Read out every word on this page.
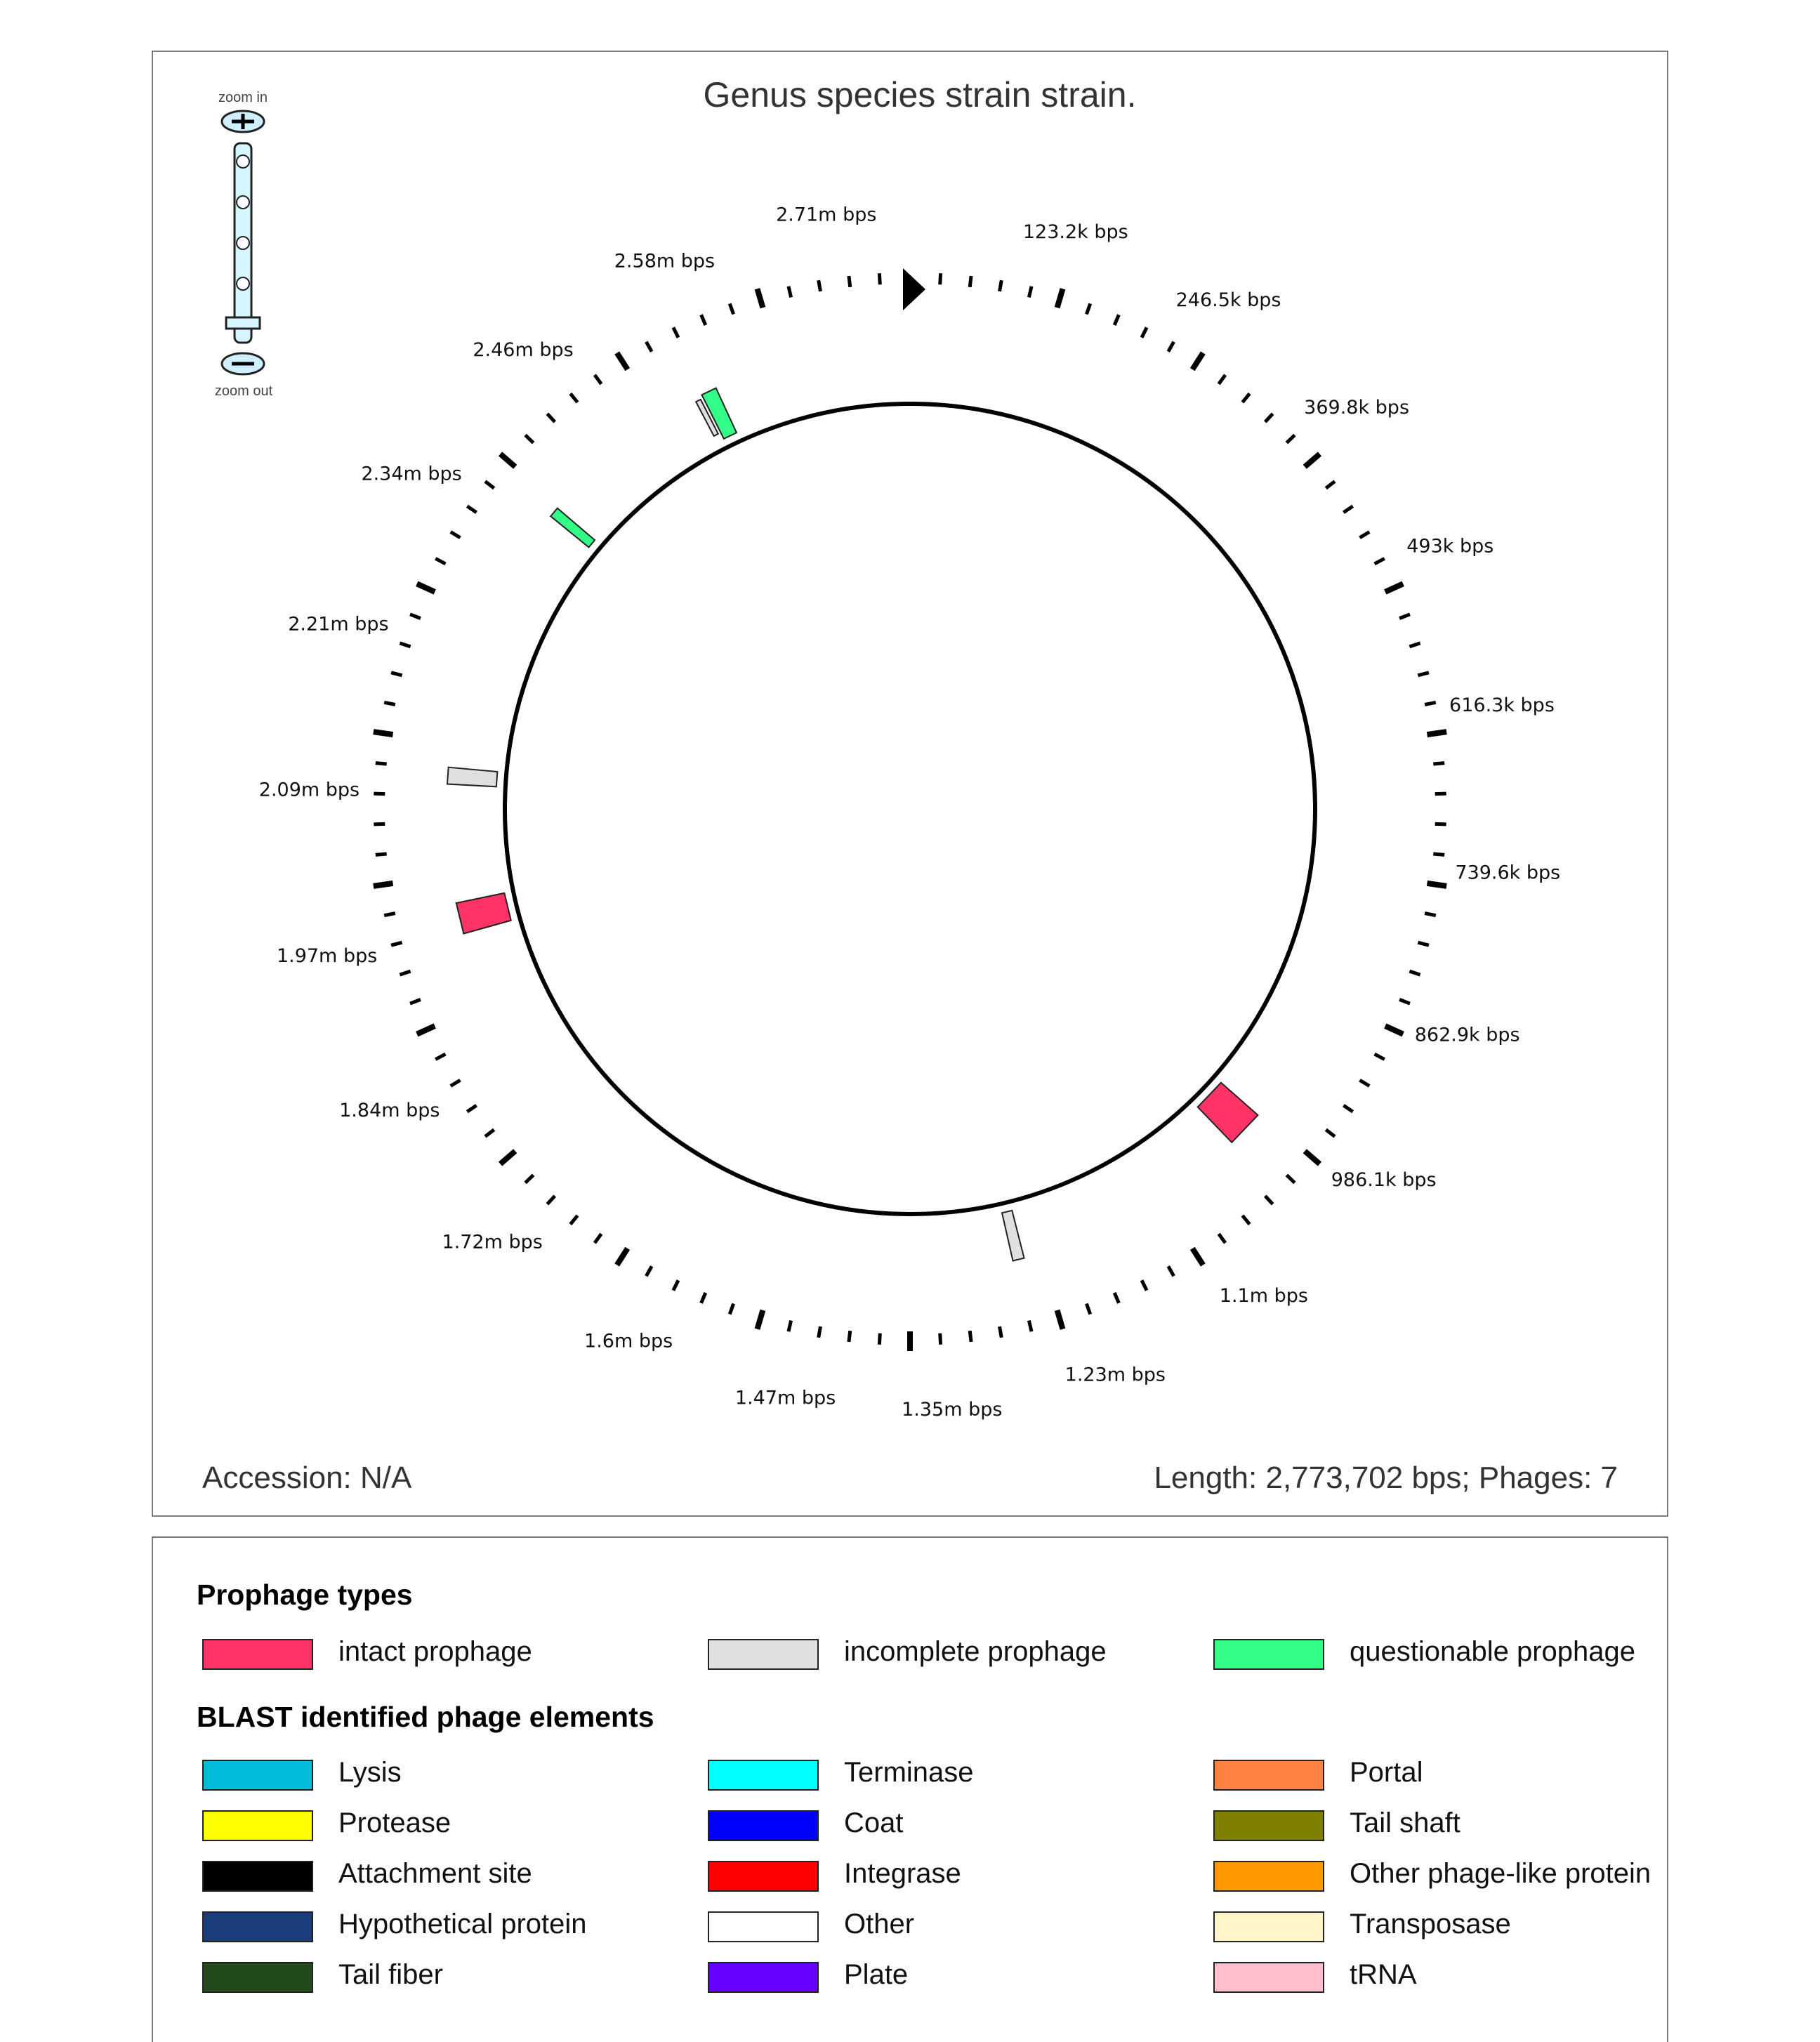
Genus species strain strain.
zoom in
zoom out
123.2k bps
246.5k bps
369.8k bps
493k bps
616.3k bps
739.6k bps
862.9k bps
986.1k bps
1.1m bps
1.23m bps
1.35m bps
1.47m bps
1.6m bps
1.72m bps
1.84m bps
1.97m bps
2.09m bps
2.21m bps
2.34m bps
2.46m bps
2.58m bps
2.71m bps
Accession: N/A	Length: 2,773,702 bps; Phages: 7
Prophage types
intact prophage	incomplete prophage	questionable prophage
BLAST identified phage elements
Lysis	Terminase	Portal
Protease	Coat	Tail shaft
Attachment site	Integrase	Other phage-like protein
Hypothetical protein	Other	Transposase
Tail fiber	Plate	tRNA
